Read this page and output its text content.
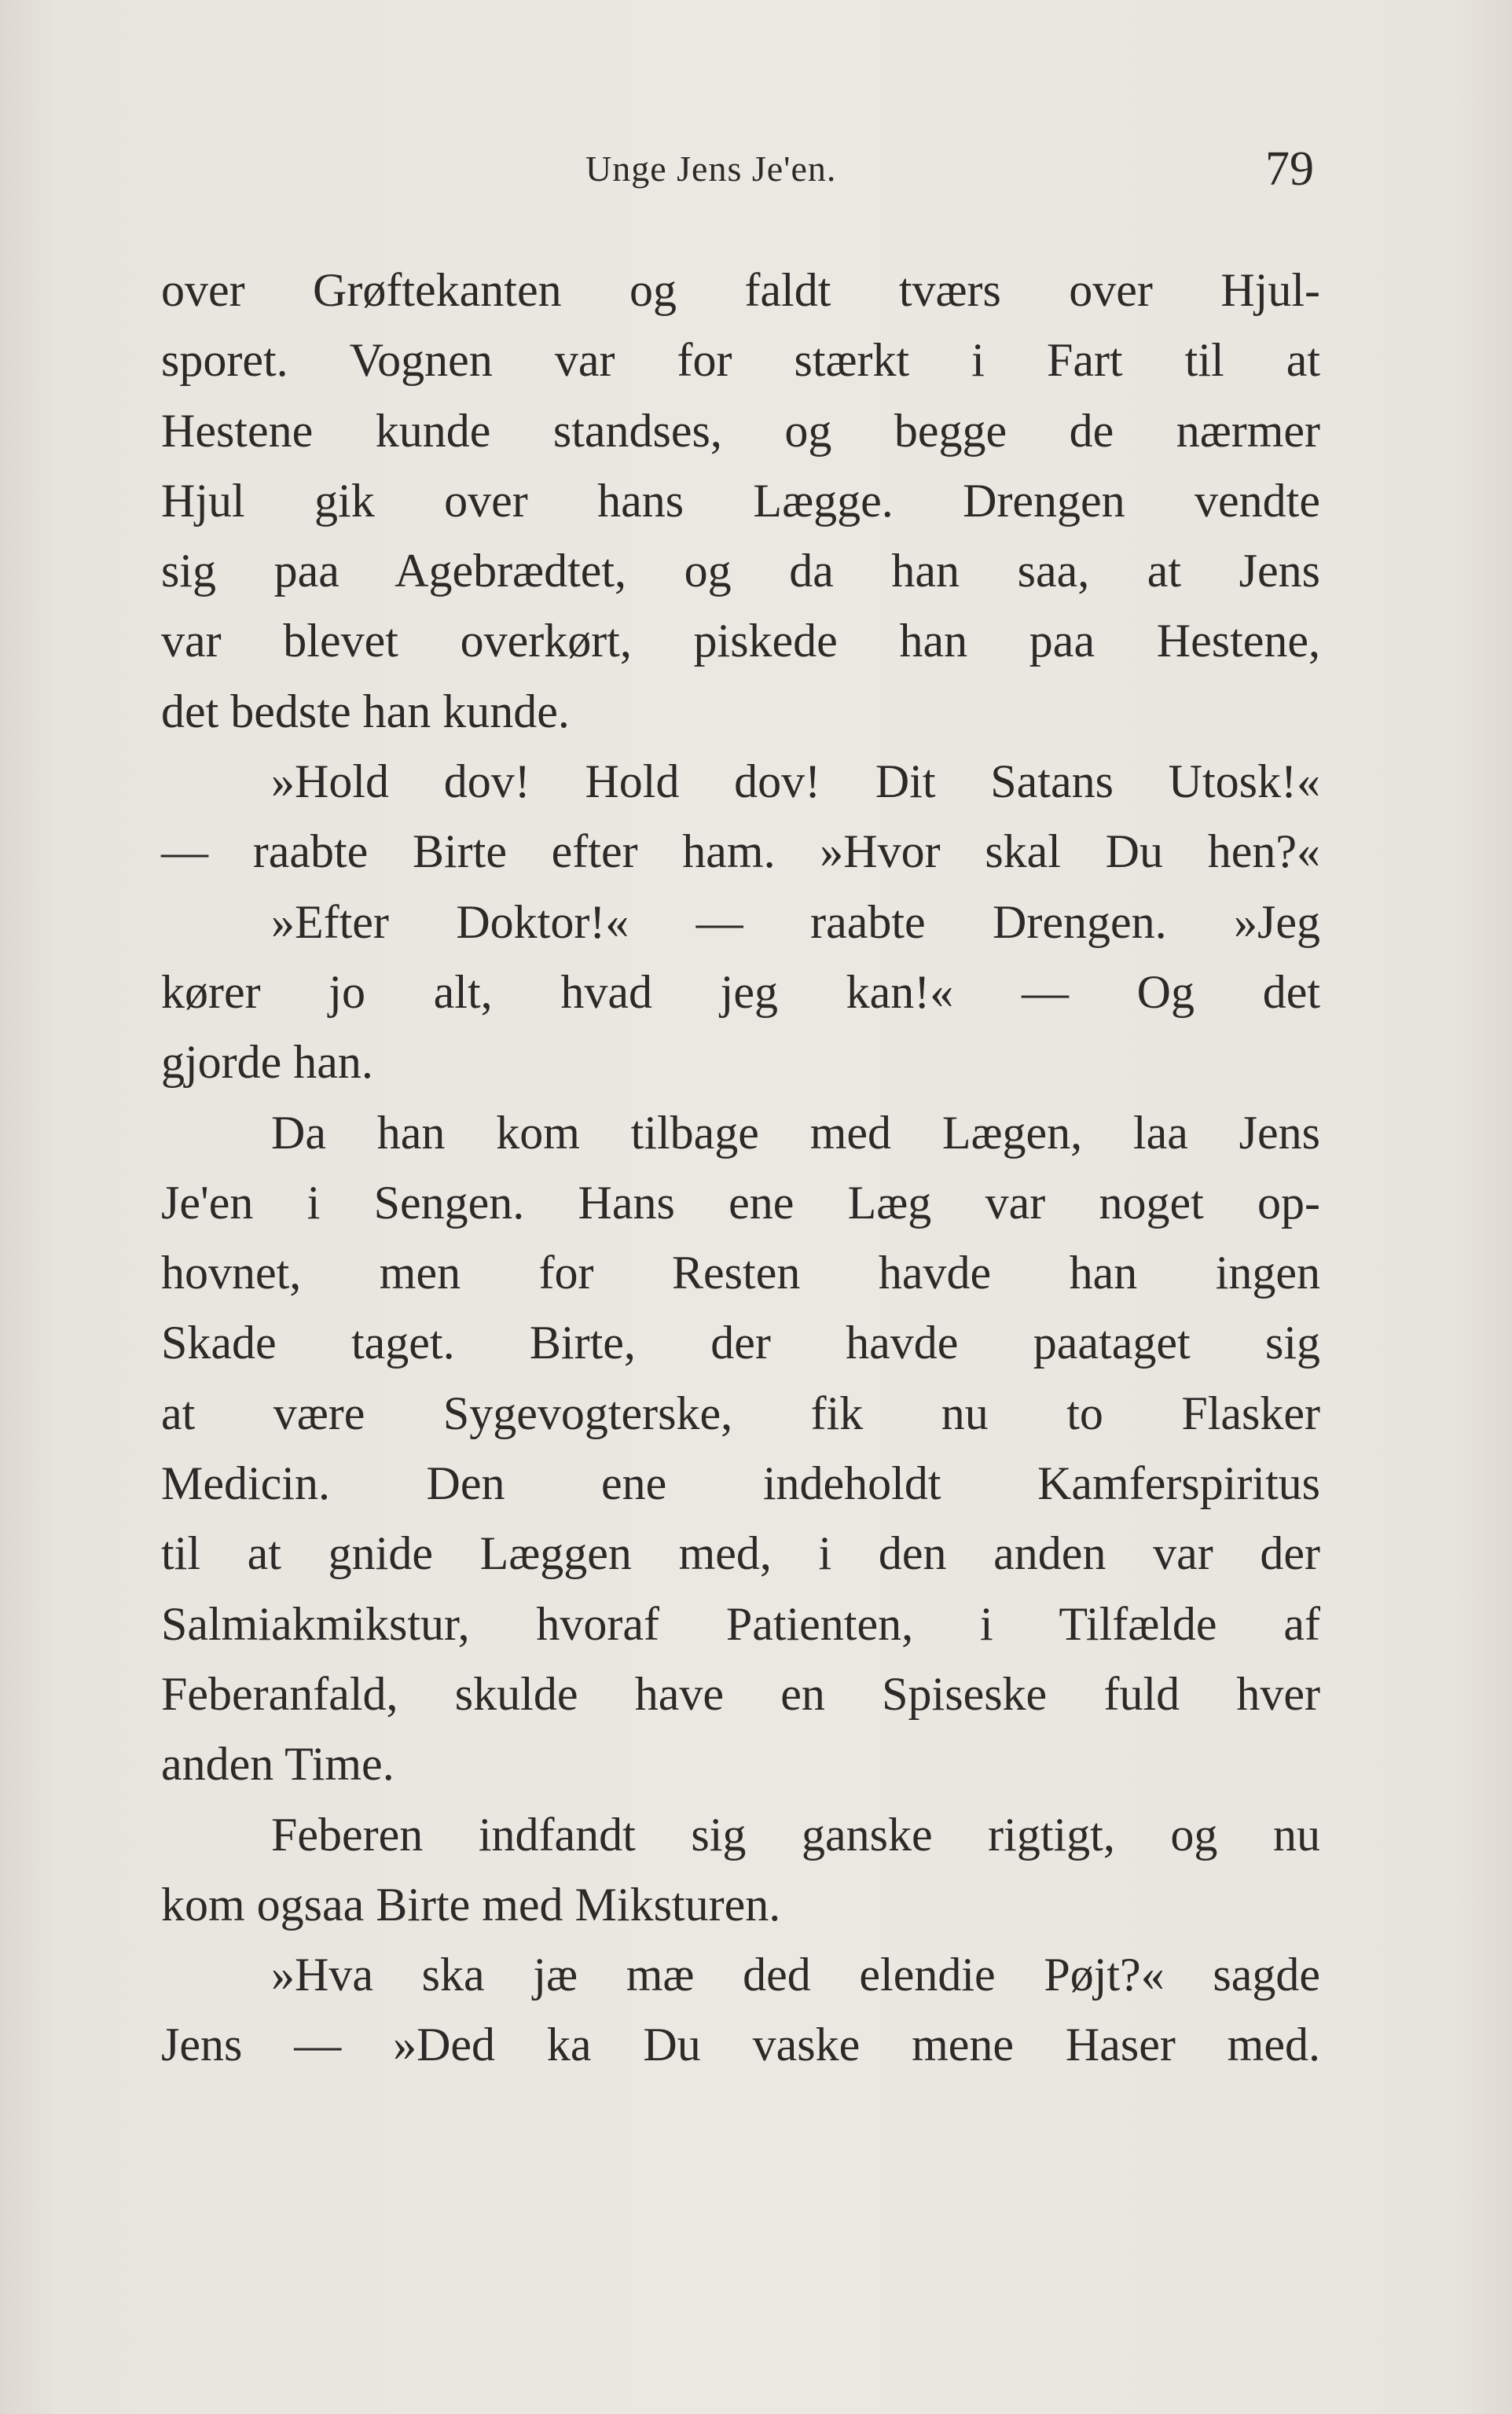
Unge Jens Je'en.	79
over Grøftekanten og faldt tværs over Hjul-
sporet. Vognen var for stærkt i Fart til at
Hestene kunde standses, og begge de nærmer
Hjul gik over hans Lægge. Drengen vendte
sig paa Agebrædtet, og da han saa, at Jens
var blevet overkørt, piskede han paa Hestene,
det bedste han kunde.
»Hold dov! Hold dov! Dit Satans Utosk!«
— raabte Birte efter ham. »Hvor skal Du hen?«
»Efter Doktor!« — raabte Drengen. »Jeg
kører jo alt, hvad jeg kan!« — Og det
gjorde han.
Da han kom tilbage med Lægen, laa Jens
Je'en i Sengen. Hans ene Læg var noget op-
hovnet, men for Resten havde han ingen
Skade taget. Birte, der havde paataget sig
at være Sygevogterske, fik nu to Flasker
Medicin. Den ene indeholdt Kamferspiritus
til at gnide Læggen med, i den anden var der
Salmiakmikstur, hvoraf Patienten, i Tilfælde af
Feberanfald, skulde have en Spiseske fuld hver
anden Time.
Feberen indfandt sig ganske rigtigt, og nu
kom ogsaa Birte med Miksturen.
»Hva ska jæ mæ ded elendie Pøjt?« sagde
Jens — »Ded ka Du vaske mene Haser med.
